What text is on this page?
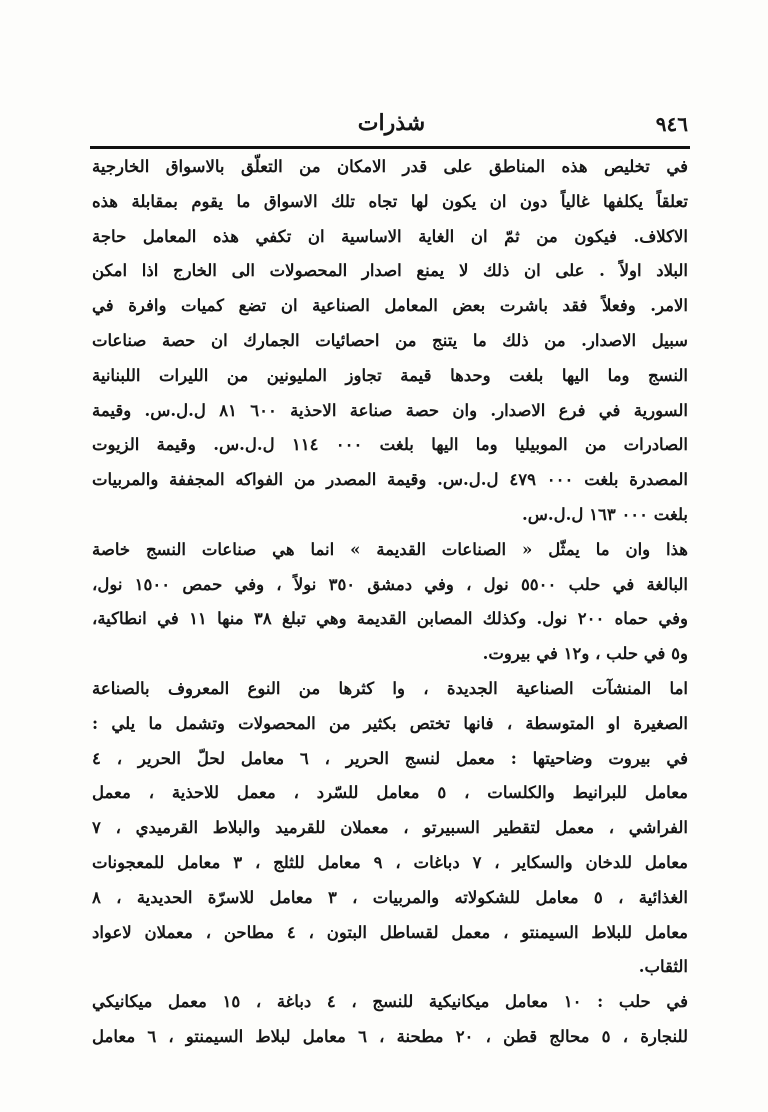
شذرات	٩٤٦
في تخليص هذه المناطق على قدر الامكان من التعلّق بالاسواق الخارجية
تعلقاً يكلفها غالياً دون ان يكون لها تجاه تلك الاسواق ما يقوم بمقابلة هذه
الاكلاف. فيكون من ثمّ ان الغاية الاساسية ان تكفي هذه المعامل حاجة
البلاد اولاً . على ان ذلك لا يمنع اصدار المحصولات الى الخارج اذا امكن
الامر. وفعلاً فقد باشرت بعض المعامل الصناعية ان تضع كميات وافرة في
سبيل الاصدار. من ذلك ما يتنج من احصائيات الجمارك ان حصة صناعات
النسج وما اليها بلغت وحدها قيمة تجاوز المليونين من الليرات اللبنانية
السورية في فرع الاصدار. وان حصة صناعة الاحذية ٦٠٠ ٨١ ل.ل.س. وقيمة
الصادرات من الموبيليا وما اليها بلغت ٠٠٠ ١١٤ ل.ل.س. وقيمة الزيوت
المصدرة بلغت ٠٠٠ ٤٧٩ ل.ل.س. وقيمة المصدر من الفواكه المجففة والمربيات
بلغت ٠٠٠ ١٦٣ ل.ل.س.
هذا وان ما يمثّل « الصناعات القديمة » انما هي صناعات النسج خاصة
البالغة في حلب ٥٥٠٠ نول ، وفي دمشق ٣٥٠ نولاً ، وفي حمص ١٥٠٠ نول،
وفي حماه ٢٠٠ نول. وكذلك المصابن القديمة وهي تبلغ ٣٨ منها ١١ في انطاكية،
و٥ في حلب ، و١٢ في بيروت.
اما المنشآت الصناعية الجديدة ، وا كثرها من النوع المعروف بالصناعة
الصغيرة او المتوسطة ، فانها تختص بكثير من المحصولات وتشمل ما يلي :
في بيروت وضاحيتها : معمل لنسج الحرير ، ٦ معامل لحلّ الحرير ، ٤
معامل للبرانيط والكلسات ، ٥ معامل للسّرد ، معمل للاحذية ، معمل
الفراشي ، معمل لتقطير السبيرتو ، معملان للقرميد والبلاط القرميدي ، ٧
معامل للدخان والسكاير ، ٧ دباغات ، ٩ معامل للثلج ، ٣ معامل للمعجونات
الغذائية ، ٥ معامل للشكولاته والمربيات ، ٣ معامل للاسرّة الحديدية ، ٨
معامل للبلاط السيمنتو ، معمل لقساطل البتون ، ٤ مطاحن ، معملان لاعواد
الثقاب.
في حلب : ١٠ معامل ميكانيكية للنسج ، ٤ دباغة ، ١٥ معمل ميكانيكي
للنجارة ، ٥ محالج قطن ، ٢٠ مطحنة ، ٦ معامل لبلاط السيمنتو ، ٦ معامل
